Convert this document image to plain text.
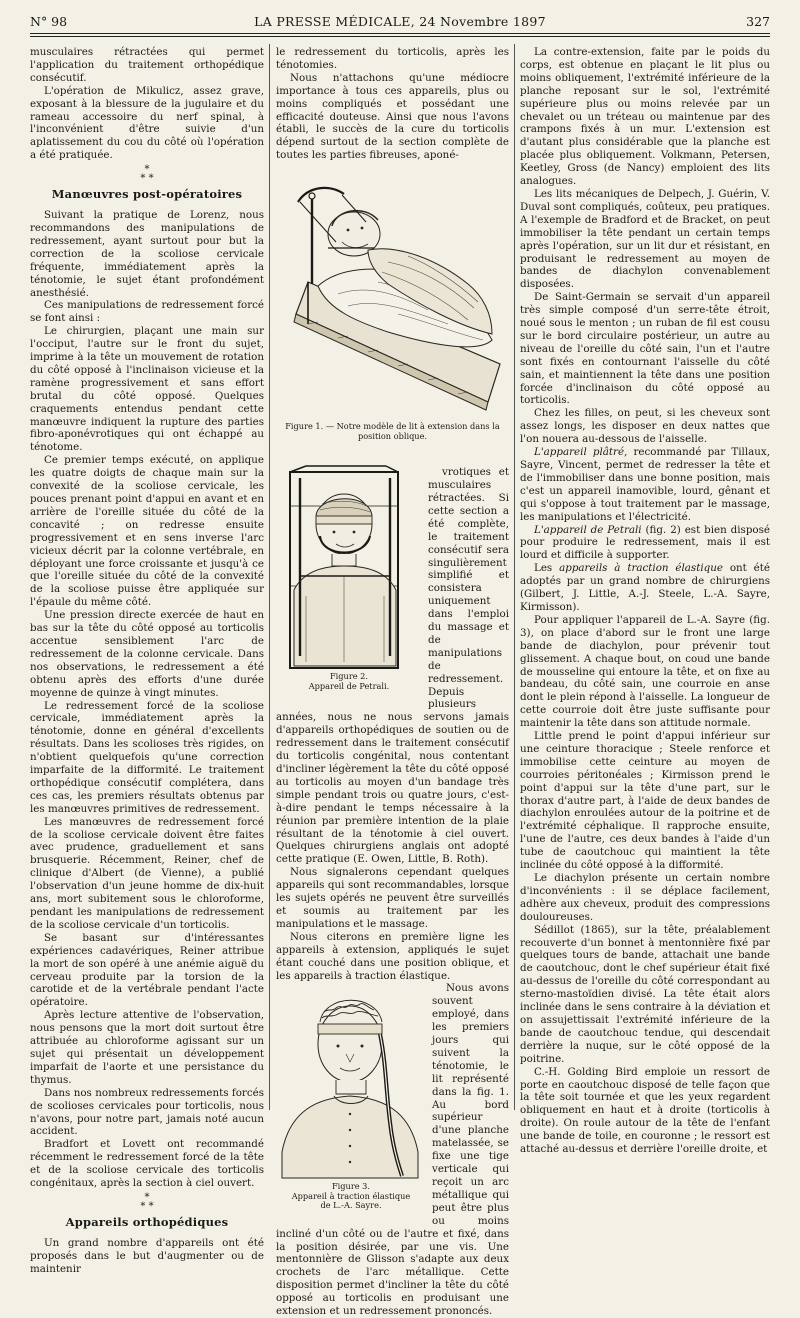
N° 98	LA PRESSE MÉDICALE, 24 Novembre 1897	327

musculaires rétractées qui permet l'application du traitement orthopédique consécutif.

L'opération de Mikulicz, assez grave, exposant à la blessure de la jugulaire et du rameau accessoire du nerf spinal, à l'inconvénient d'être suivie d'un aplatissement du cou du côté où l'opération a été pratiquée.

*
* *
Manœuvres post-opératoires

Suivant la pratique de Lorenz, nous recommandons des manipulations de redressement, ayant surtout pour but la correction de la scoliose cervicale fréquente, immédiatement après la ténotomie, le sujet étant profondément anesthésié.

Ces manipulations de redressement forcé se font ainsi :

Le chirurgien, plaçant une main sur l'occiput, l'autre sur le front du sujet, imprime à la tête un mouvement de rotation du côté opposé à l'inclinaison vicieuse et la ramène progressivement et sans effort brutal du côté opposé. Quelques craquements entendus pendant cette manœuvre indiquent la rupture des parties fibro-aponévrotiques qui ont échappé au ténotome.

Ce premier temps exécuté, on applique les quatre doigts de chaque main sur la convexité de la scoliose cervicale, les pouces prenant point d'appui en avant et en arrière de l'oreille située du côté de la concavité ; on redresse ensuite progressivement et en sens inverse l'arc vicieux décrit par la colonne vertébrale, en déployant une force croissante et jusqu'à ce que l'oreille située du côté de la convexité de la scoliose puisse être appliquée sur l'épaule du même côté.

Une pression directe exercée de haut en bas sur la tête du côté opposé au torticolis accentue sensiblement l'arc de redressement de la colonne cervicale. Dans nos observations, le redressement a été obtenu après des efforts d'une durée moyenne de quinze à vingt minutes.

Le redressement forcé de la scoliose cervicale, immédiatement après la ténotomie, donne en général d'excellents résultats. Dans les scolioses très rigides, on n'obtient quelquefois qu'une correction imparfaite de la difformité. Le traitement orthopédique consécutif complétera, dans ces cas, les premiers résultats obtenus par les manœuvres primitives de redressement.

Les manœuvres de redressement forcé de la scoliose cervicale doivent être faites avec prudence, graduellement et sans brusquerie. Récemment, Reiner, chef de clinique d'Albert (de Vienne), a publié l'observation d'un jeune homme de dix-huit ans, mort subitement sous le chloroforme, pendant les manipulations de redressement de la scoliose cervicale d'un torticolis.

Se basant sur d'intéressantes expériences cadavériques, Reiner attribue la mort de son opéré à une anémie aiguë du cerveau produite par la torsion de la carotide et de la vertébrale pendant l'acte opératoire.

Après lecture attentive de l'observation, nous pensons que la mort doit surtout être attribuée au chloroforme agissant sur un sujet qui présentait un développement imparfait de l'aorte et une persistance du thymus.

Dans nos nombreux redressements forcés de scolioses cervicales pour torticolis, nous n'avons, pour notre part, jamais noté aucun accident.

Bradfort et Lovett ont recommandé récemment le redressement forcé de la tête et de la scoliose cervicale des torticolis congénitaux, après la section à ciel ouvert.

*
* *
Appareils orthopédiques

Un grand nombre d'appareils ont été proposés dans le but d'augmenter ou de maintenir

le redressement du torticolis, après les ténotomies.

Nous n'attachons qu'une médiocre importance à tous ces appareils, plus ou moins compliqués et possédant une efficacité douteuse. Ainsi que nous l'avons établi, le succès de la cure du torticolis dépend surtout de la section complète de toutes les parties fibreuses, aponé-

Figure 1. — Notre modèle de lit à extension dans la position oblique.
Figure 2.
Appareil de Petrali.

vrotiques et musculaires rétractées. Si cette section a été complète, le traitement consécutif sera singulièrement simplifié et consistera uniquement dans l'emploi du massage et de manipulations de redressement. Depuis plusieurs années, nous ne nous servons jamais d'appareils orthopédiques de soutien ou de redressement dans le traitement consécutif du torticolis congénital, nous contentant d'incliner légèrement la tête du côté opposé au torticolis au moyen d'un bandage très simple pendant trois ou quatre jours, c'est-à-dire pendant le temps nécessaire à la réunion par première intention de la plaie résultant de la ténotomie à ciel ouvert. Quelques chirurgiens anglais ont adopté cette pratique (E. Owen, Little, B. Roth).

Nous signalerons cependant quelques appareils qui sont recommandables, lorsque les sujets opérés ne peuvent être surveillés et soumis au traitement par les manipulations et le massage.

Nous citerons en première ligne les appareils à extension, appliqués le sujet étant couché dans une position oblique, et les appareils à traction élastique.

Figure 3.
Appareil à traction élastique
de L.-A. Sayre.

Nous avons souvent employé, dans les premiers jours qui suivent la ténotomie, le lit représenté dans la fig. 1. Au bord supérieur d'une planche matelassée, se fixe une tige verticale qui reçoit un arc métallique qui peut être plus ou moins incliné d'un côté ou de l'autre et fixé, dans la position désirée, par une vis. Une mentonnière de Glisson s'adapte aux deux crochets de l'arc métallique. Cette disposition permet d'incliner la tête du côté opposé au torticolis en produisant une extension et un redressement prononcés.

La contre-extension, faite par le poids du corps, est obtenue en plaçant le lit plus ou moins obliquement, l'extrémité inférieure de la planche reposant sur le sol, l'extrémité supérieure plus ou moins relevée par un chevalet ou un tréteau ou maintenue par des crampons fixés à un mur. L'extension est d'autant plus considérable que la planche est placée plus obliquement. Volkmann, Petersen, Keetley, Gross (de Nancy) emploient des lits analogues.

Les lits mécaniques de Delpech, J. Guérin, V. Duval sont compliqués, coûteux, peu pratiques. A l'exemple de Bradford et de Bracket, on peut immobiliser la tête pendant un certain temps après l'opération, sur un lit dur et résistant, en produisant le redressement au moyen de bandes de diachylon convenablement disposées.

De Saint-Germain se servait d'un appareil très simple composé d'un serre-tête étroit, noué sous le menton ; un ruban de fil est cousu sur le bord circulaire postérieur, un autre au niveau de l'oreille du côté sain, l'un et l'autre sont fixés en contournant l'aisselle du côté sain, et maintiennent la tête dans une position forcée d'inclinaison du côté opposé au torticolis.

Chez les filles, on peut, si les cheveux sont assez longs, les disposer en deux nattes que l'on nouera au-dessous de l'aisselle.

L'appareil plâtré, recommandé par Tillaux, Sayre, Vincent, permet de redresser la tête et de l'immobiliser dans une bonne position, mais c'est un appareil inamovible, lourd, gênant et qui s'oppose à tout traitement par le massage, les manipulations et l'électricité.

L'appareil de Petrali (fig. 2) est bien disposé pour produire le redressement, mais il est lourd et difficile à supporter.

Les appareils à traction élastique ont été adoptés par un grand nombre de chirurgiens (Gilbert, J. Little, A.-J. Steele, L.-A. Sayre, Kirmisson).

Pour appliquer l'appareil de L.-A. Sayre (fig. 3), on place d'abord sur le front une large bande de diachylon, pour prévenir tout glissement. A chaque bout, on coud une bande de mousseline qui entoure la tête, et on fixe au bandeau, du côté sain, une courroie en anse dont le plein répond à l'aisselle. La longueur de cette courroie doit être juste suffisante pour maintenir la tête dans son attitude normale.

Little prend le point d'appui inférieur sur une ceinture thoracique ; Steele renforce et immobilise cette ceinture au moyen de courroies péritonéales ; Kirmisson prend le point d'appui sur la tête d'une part, sur le thorax d'autre part, à l'aide de deux bandes de diachylon enroulées autour de la poitrine et de l'extrémité céphalique. Il rapproche ensuite, l'une de l'autre, ces deux bandes à l'aide d'un tube de caoutchouc qui maintient la tête inclinée du côté opposé à la difformité.

Le diachylon présente un certain nombre d'inconvénients : il se déplace facilement, adhère aux cheveux, produit des compressions douloureuses.

Sédillot (1865), sur la tête, préalablement recouverte d'un bonnet à mentonnière fixé par quelques tours de bande, attachait une bande de caoutchouc, dont le chef supérieur était fixé au-dessus de l'oreille du côté correspondant au sterno-mastoïdien divisé. La tête était alors inclinée dans le sens contraire à la déviation et on assujettissait l'extrémité inférieure de la bande de caoutchouc tendue, qui descendait derrière la nuque, sur le côté opposé de la poitrine.

C.-H. Golding Bird emploie un ressort de porte en caoutchouc disposé de telle façon que la tête soit tournée et que les yeux regardent obliquement en haut et à droite (torticolis à droite). On roule autour de la tête de l'enfant une bande de toile, en couronne ; le ressort est attaché au-dessus et derrière l'oreille droite, et
